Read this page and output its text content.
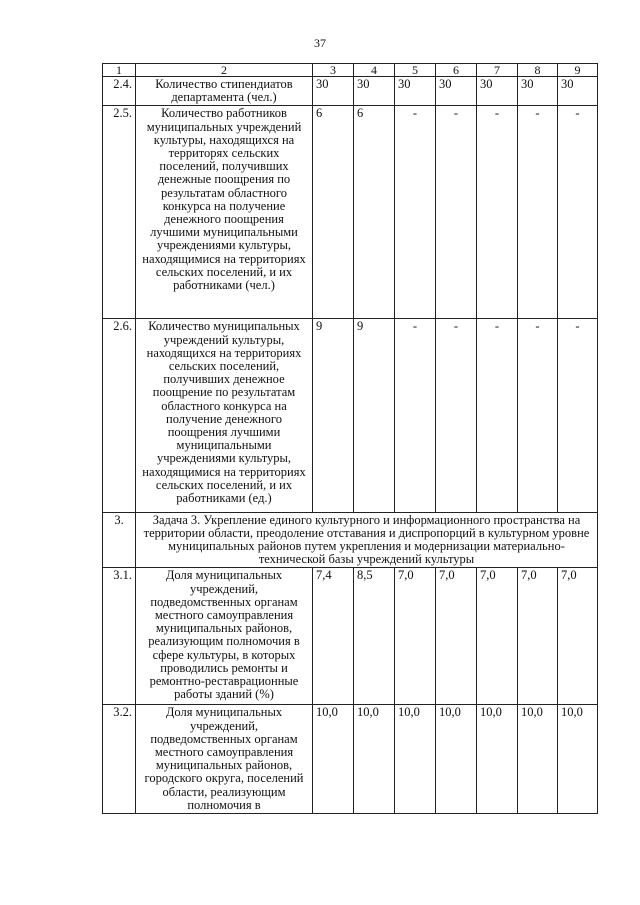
37
1	2	3	4	5	6	7	8	9
2.4.	Количество стипендиатов департамента (чел.)	30	30	30	30	30	30	30
2.5.	Количество работников муниципальных учреждений культуры, находящихся на территорях сельских поселений, получивших денежные поощрения по результатам областного конкурса на получение денежного поощрения лучшими муниципальными учреждениями культуры, находящимися на территориях сельских поселений, и их работниками (чел.)	6	6	-	-	-	-	-
2.6.	Количество муниципальных учреждений культуры, находящихся на территориях сельских поселений, получивших денежное поощрение по результатам областного конкурса на получение денежного поощрения лучшими муниципальными учреждениями культуры, находящимися на территориях сельских поселений, и их работниками (ед.)	9	9	-	-	-	-	-
3.	Задача 3. Укрепление единого культурного и информационного пространства на территории области, преодоление отставания и диспропорций в культурном уровне муниципальных районов путем укрепления и модернизации материально-технической базы учреждений культуры							
3.1.	Доля муниципальных учреждений, подведомственных органам местного самоуправления муниципальных районов, реализующим полномочия в сфере культуры, в которых проводились ремонты и ремонтно-реставрационные работы зданий (%)	7,4	8,5	7,0	7,0	7,0	7,0	7,0
3.2.	Доля муниципальных учреждений, подведомственных органам местного самоуправления муниципальных районов, городского округа, поселений области, реализующим полномочия в	10,0	10,0	10,0	10,0	10,0	10,0	10,0
